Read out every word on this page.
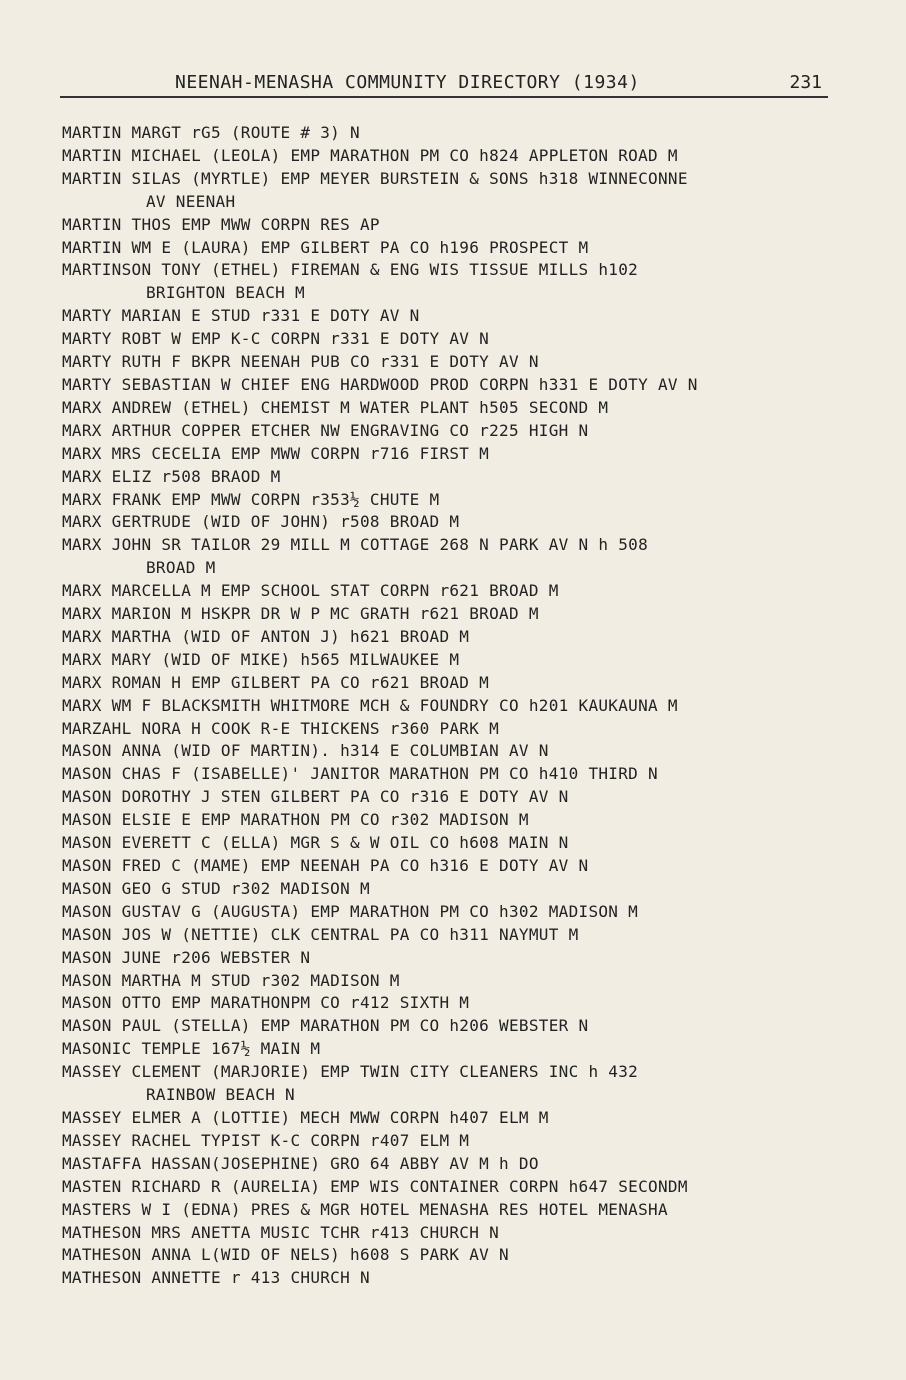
NEENAH-MENASHA COMMUNITY DIRECTORY (1934)	231
MARTIN MARGT rG5 (ROUTE # 3) N
MARTIN MICHAEL (LEOLA) EMP MARATHON PM CO h824 APPLETON ROAD M
MARTIN SILAS (MYRTLE) EMP MEYER BURSTEIN & SONS h318 WINNECONNE
AV NEENAH
MARTIN THOS EMP MWW CORPN RES AP
MARTIN WM E (LAURA) EMP GILBERT PA CO h196 PROSPECT M
MARTINSON TONY (ETHEL) FIREMAN & ENG WIS TISSUE MILLS h102
BRIGHTON BEACH M
MARTY MARIAN E STUD r331 E DOTY AV N
MARTY ROBT W EMP K-C CORPN r331 E DOTY AV N
MARTY RUTH F BKPR NEENAH PUB CO r331 E DOTY AV N
MARTY SEBASTIAN W CHIEF ENG HARDWOOD PROD CORPN h331 E DOTY AV N
MARX ANDREW (ETHEL) CHEMIST M WATER PLANT h505 SECOND M
MARX ARTHUR COPPER ETCHER NW ENGRAVING CO r225 HIGH N
MARX MRS CECELIA EMP MWW CORPN r716 FIRST M
MARX ELIZ r508 BRAOD M
MARX FRANK EMP MWW CORPN r353½ CHUTE M
MARX GERTRUDE (WID OF JOHN) r508 BROAD M
MARX JOHN SR TAILOR 29 MILL M COTTAGE 268 N PARK AV N h 508
BROAD M
MARX MARCELLA M EMP SCHOOL STAT CORPN r621 BROAD M
MARX MARION M HSKPR DR W P MC GRATH r621 BROAD M
MARX MARTHA (WID OF ANTON J) h621 BROAD M
MARX MARY (WID OF MIKE) h565 MILWAUKEE M
MARX ROMAN H EMP GILBERT PA CO r621 BROAD M
MARX WM F BLACKSMITH WHITMORE MCH & FOUNDRY CO h201 KAUKAUNA M
MARZAHL NORA H COOK R-E THICKENS r360 PARK M
MASON ANNA (WID OF MARTIN). h314 E COLUMBIAN AV N
MASON CHAS F (ISABELLE)' JANITOR MARATHON PM CO h410 THIRD N
MASON DOROTHY J STEN GILBERT PA CO r316 E DOTY AV N
MASON ELSIE E EMP MARATHON PM CO r302 MADISON M
MASON EVERETT C (ELLA) MGR S & W OIL CO h608 MAIN N
MASON FRED C (MAME) EMP NEENAH PA CO h316 E DOTY AV N
MASON GEO G STUD r302 MADISON M
MASON GUSTAV G (AUGUSTA) EMP MARATHON PM CO h302 MADISON M
MASON JOS W (NETTIE) CLK CENTRAL PA CO h311 NAYMUT M
MASON JUNE r206 WEBSTER N
MASON MARTHA M STUD r302 MADISON M
MASON OTTO EMP MARATHONPM CO r412 SIXTH M
MASON PAUL (STELLA) EMP MARATHON PM CO h206 WEBSTER N
MASONIC TEMPLE 167½ MAIN M
MASSEY CLEMENT (MARJORIE) EMP TWIN CITY CLEANERS INC h 432
RAINBOW BEACH N
MASSEY ELMER A (LOTTIE) MECH MWW CORPN h407 ELM M
MASSEY RACHEL TYPIST K-C CORPN r407 ELM M
MASTAFFA HASSAN(JOSEPHINE) GRO 64 ABBY AV M h DO
MASTEN RICHARD R (AURELIA) EMP WIS CONTAINER CORPN h647 SECONDM
MASTERS W I (EDNA) PRES & MGR HOTEL MENASHA RES HOTEL MENASHA
MATHESON MRS ANETTA MUSIC TCHR r413 CHURCH N
MATHESON ANNA L(WID OF NELS) h608 S PARK AV N
MATHESON ANNETTE r 413 CHURCH N
